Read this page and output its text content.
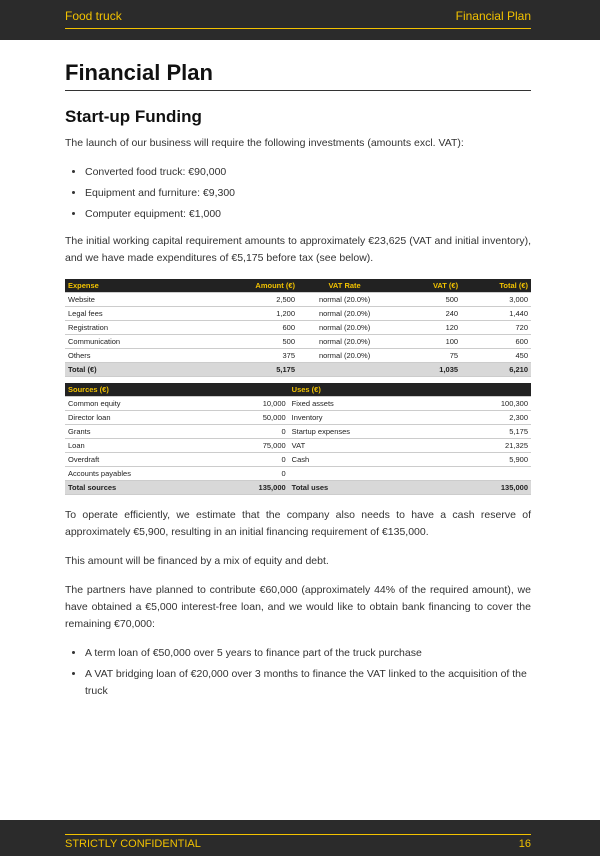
Food truck	Financial Plan
Financial Plan
Start-up Funding

The launch of our business will require the following investments (amounts excl. VAT):

• Converted food truck: €90,000
• Equipment and furniture: €9,300
• Computer equipment: €1,000

The initial working capital requirement amounts to approximately €23,625 (VAT and initial inventory), and we have made expenditures of €5,175 before tax (see below).

Expense	Amount (€)	VAT Rate	VAT (€)	Total (€)
Website	2,500	normal (20.0%)	500	3,000
Legal fees	1,200	normal (20.0%)	240	1,440
Registration	600	normal (20.0%)	120	720
Communication	500	normal (20.0%)	100	600
Others	375	normal (20.0%)	75	450
Total (€)	5,175		1,035	6,210
Sources (€)		Uses (€)	
Common equity	10,000	Fixed assets	100,300
Director loan	50,000	Inventory	2,300
Grants	0	Startup expenses	5,175
Loan	75,000	VAT	21,325
Overdraft	0	Cash	5,900
Accounts payables	0		
Total sources	135,000	Total uses	135,000

To operate efficiently, we estimate that the company also needs to have a cash reserve of approximately €5,900, resulting in an initial financing requirement of €135,000.

This amount will be financed by a mix of equity and debt.

The partners have planned to contribute €60,000 (approximately 44% of the required amount), we have obtained a €5,000 interest-free loan, and we would like to obtain bank financing to cover the remaining €70,000:

• A term loan of €50,000 over 5 years to finance part of the truck purchase
• A VAT bridging loan of €20,000 over 3 months to finance the VAT linked to the acquisition of the truck
STRICTLY CONFIDENTIAL	16
